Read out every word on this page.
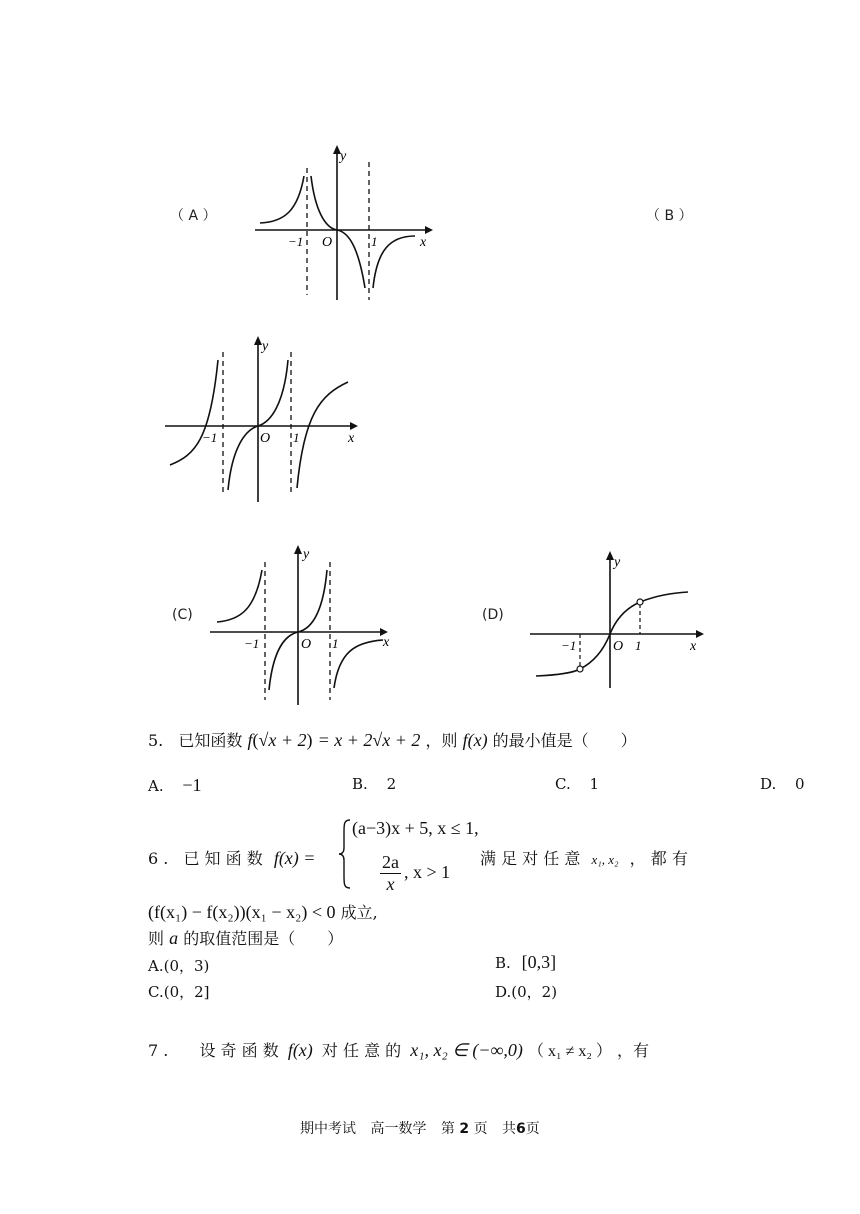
（ A ）
y
x
O
−1	1
（ B ）
y
x
O
−1	1
(C)
y
x
O
−1	1
(D)
y
x
O
−1	1
5. 已知函数 f(√x + 2) = x + 2√x + 2 ，则 f(x) 的最小值是（　　）
A. −1	B. 2	C. 1	D. 0
6 . 已 知 函 数 f(x) =
(a−3)x + 5, x ≤ 1,
$\frac{2a}{x}$ , x > 1
满 足 对 任 意 x₁, x₂ ， 都 有
(f(x₁) − f(x₂))(x₁ − x₂) < 0 成立,
则 a 的取值范围是（　　）
A.(0，3)	B. [0,3]
C.(0，2]	D.(0，2)
7 . 设 奇 函 数 f(x) 对 任 意 的 x₁, x₂ ∈ (−∞,0) （ x₁ ≠ x₂ ） ，有
期中考试 高一数学 第 2 页 共6页
